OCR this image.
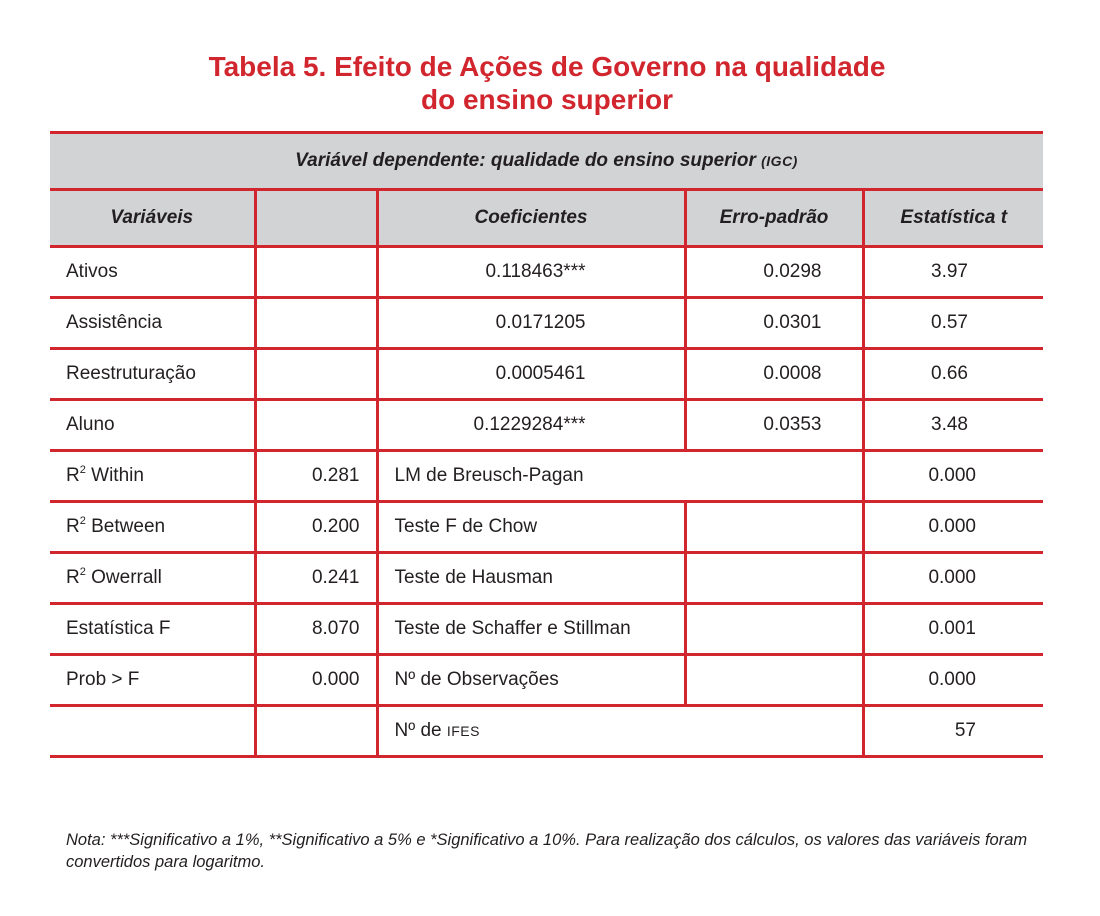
Tabela 5. Efeito de Ações de Governo na qualidade
do ensino superior
Variável dependente: qualidade do ensino superior (IGC)				
Variáveis		Coeficientes	Erro-padrão	Estatística t
Ativos		0.118463***	0.0298	3.97
Assistência		0.0171205	0.0301	0.57
Reestruturação		0.0005461	0.0008	0.66
Aluno		0.1229284***	0.0353	3.48
$R^2$ Within	0.281	LM de Breusch-Pagan		0.000
$R^2$ Between	0.200	Teste F de Chow		0.000
$R^2$ Owerrall	0.241	Teste de Hausman		0.000
Estatística F	8.070	Teste de Schaffer e Stillman		0.001
Prob > F	0.000	Nº de Observações		0.000
		Nº de IFES		57
Nota: ***Significativo a 1%, **Significativo a 5% e *Significativo a 10%. Para realização dos cálculos, os valores das variáveis foram convertidos para logaritmo.
